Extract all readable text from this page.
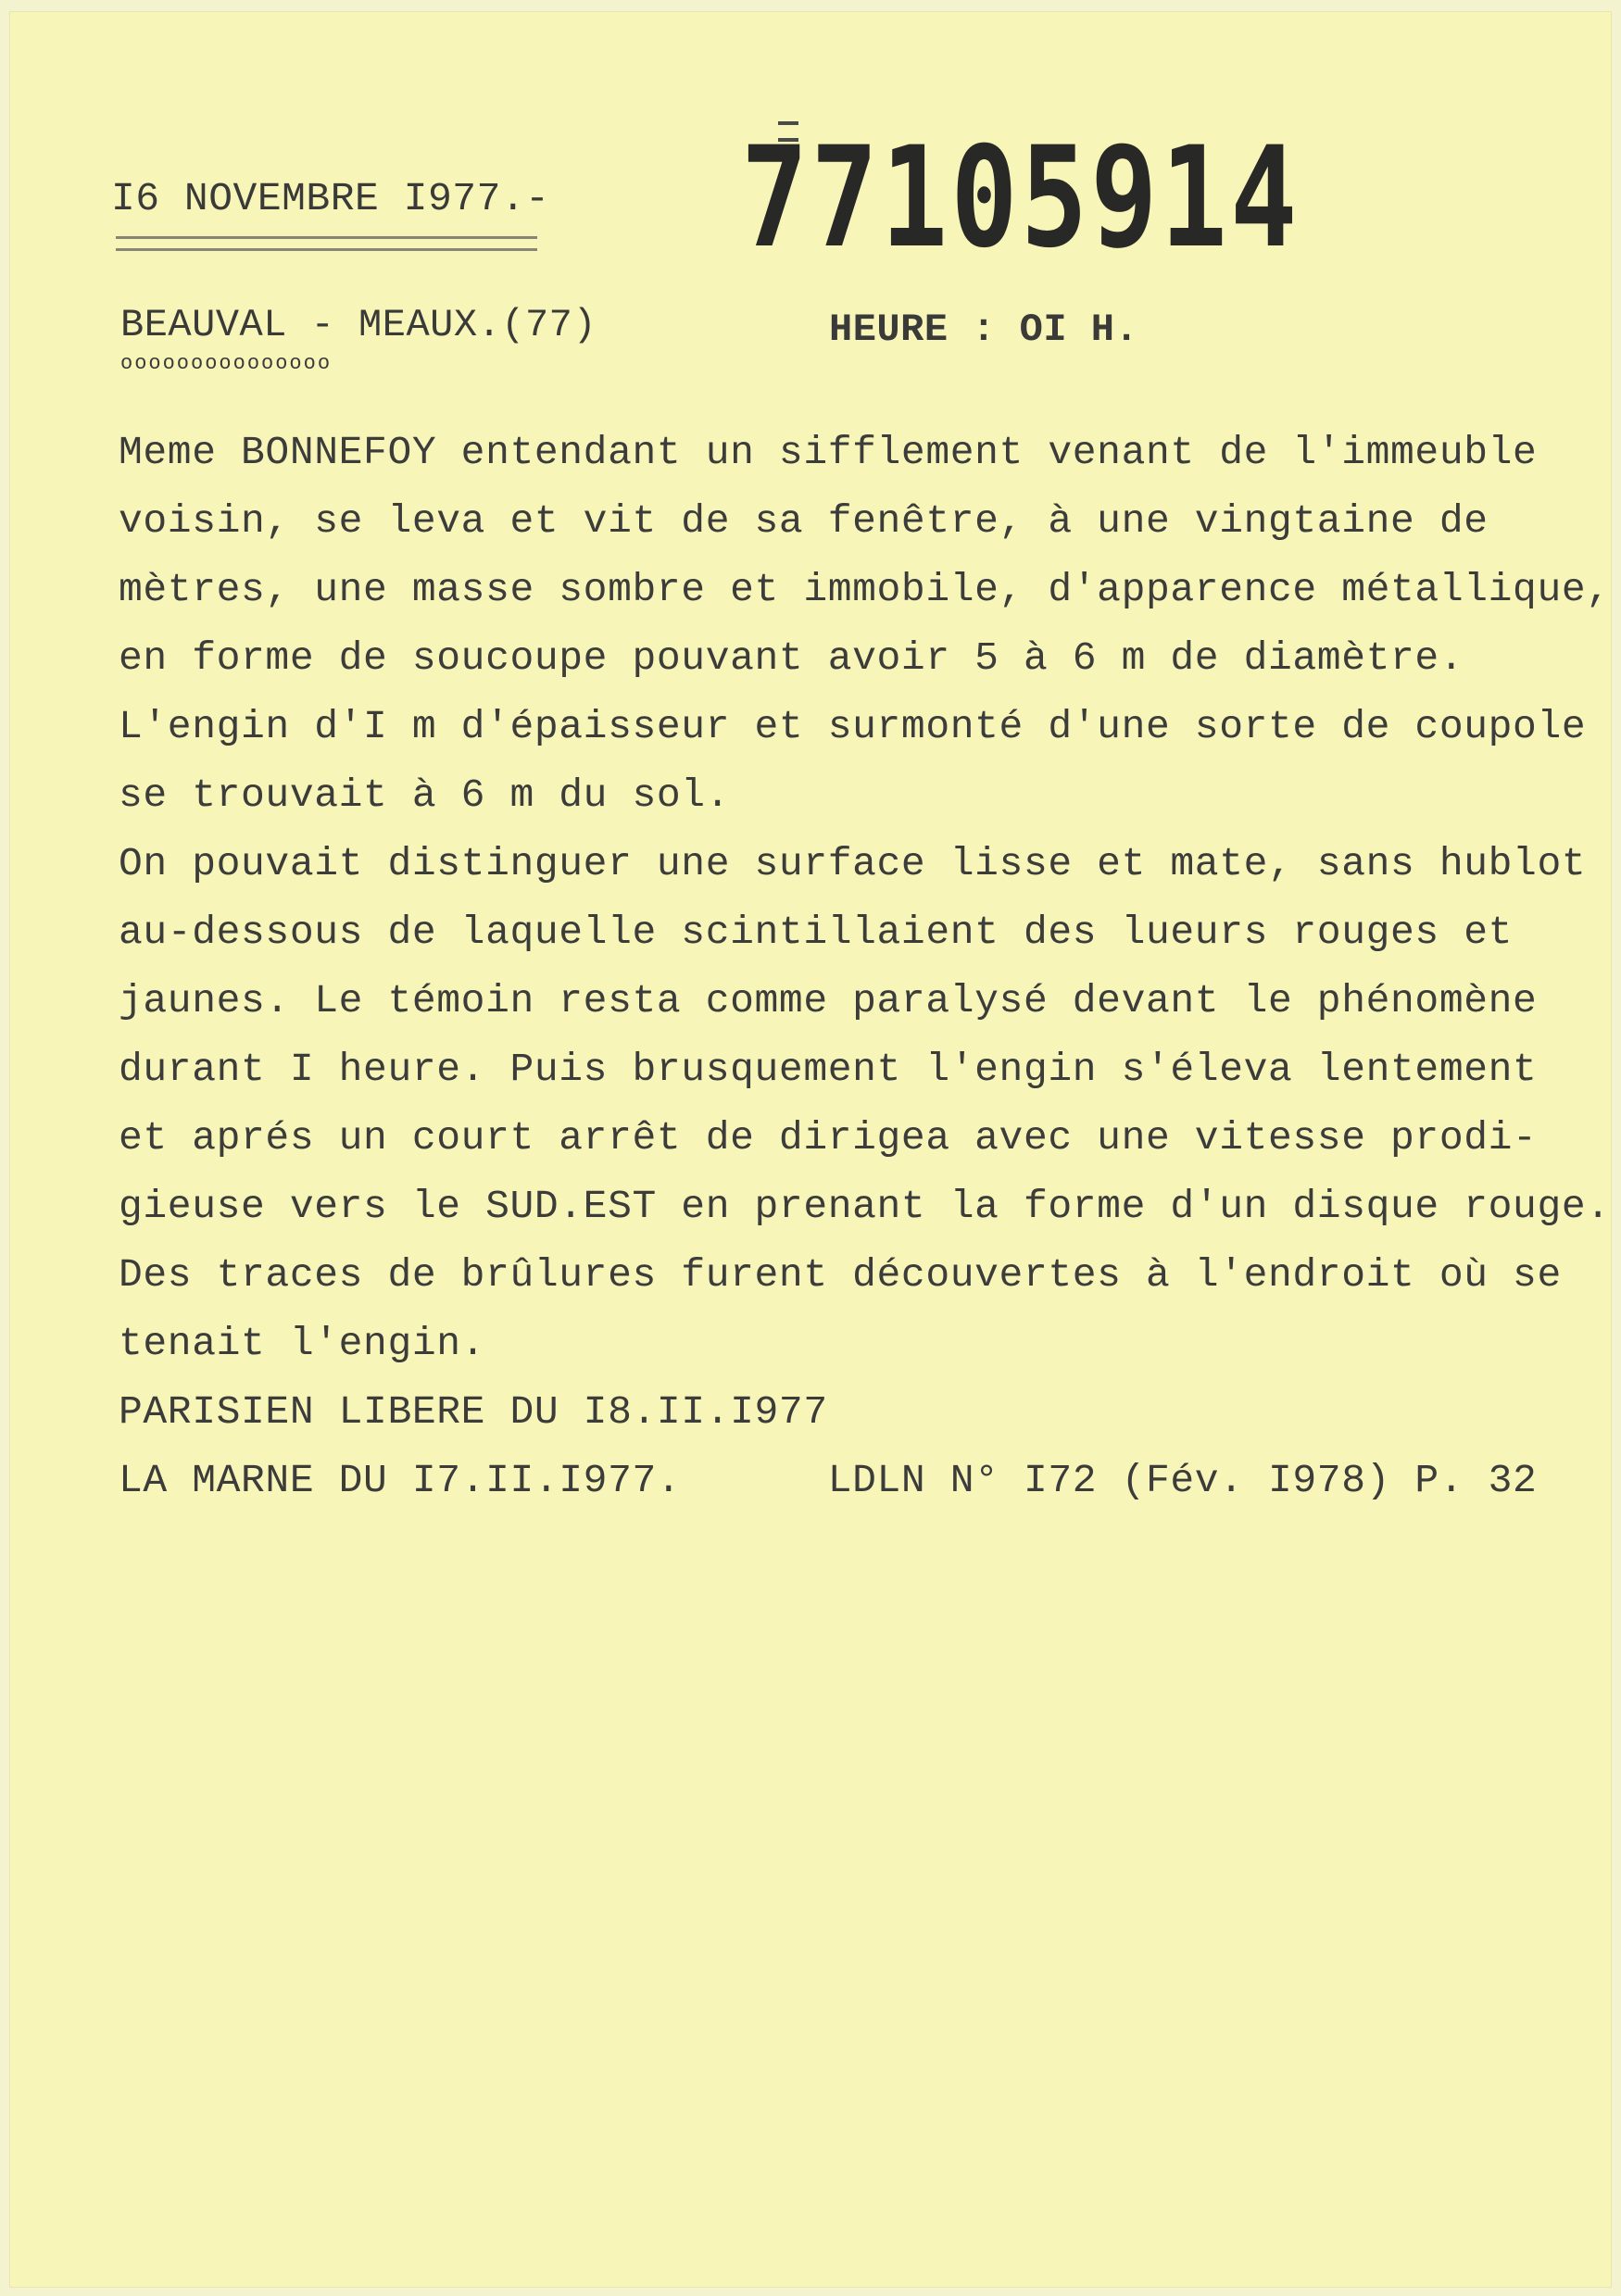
I6 NOVEMBRE I977.- 77105914
BEAUVAL - MEAUX.(77)
ooooooooooooooo
HEURE : OI H.
Meme BONNEFOY entendant un sifflement venant de l'immeuble
voisin, se leva et vit de sa fenêtre, à une vingtaine de
mètres, une masse sombre et immobile, d'apparence métallique,
en forme de soucoupe pouvant avoir 5 à 6 m de diamètre.
L'engin d'I m d'épaisseur et surmonté d'une sorte de coupole
se trouvait à 6 m du sol.
On pouvait distinguer une surface lisse et mate, sans hublot
au-dessous de laquelle scintillaient des lueurs rouges et
jaunes. Le témoin resta comme paralysé devant le phénomène
durant I heure. Puis brusquement l'engin s'éleva lentement
et aprés un court arrêt de dirigea avec une vitesse prodi-
gieuse vers le SUD.EST en prenant la forme d'un disque rouge.
Des traces de brûlures furent découvertes à l'endroit où se
tenait l'engin.
PARISIEN LIBERE DU I8.II.I977
LA MARNE DU I7.II.I977.      LDLN N° I72 (Fév. I978) P. 32
